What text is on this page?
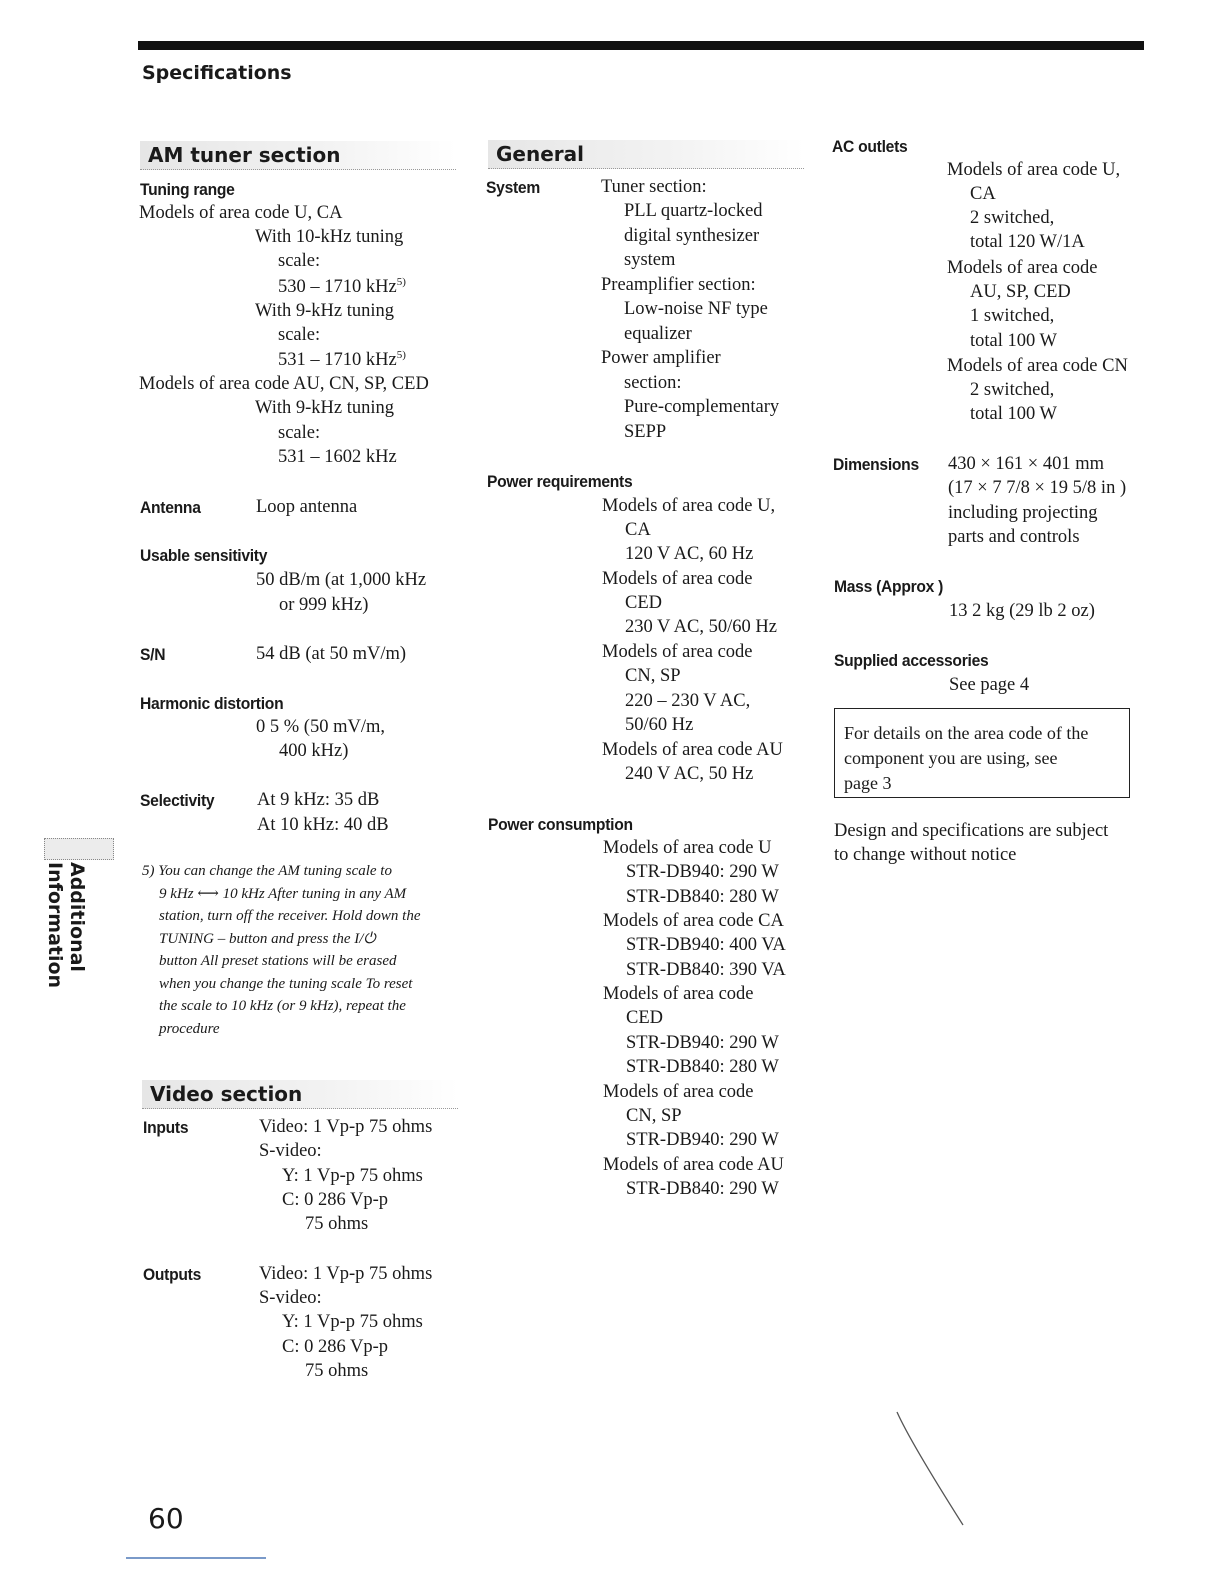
Specifications
AM tuner section
Tuning range
Models of area code U, CA
With 10-kHz tuning
scale:
530 – 1710 kHz$^{5)}$
With 9-kHz tuning
scale:
531 – 1710 kHz$^{5)}$
Models of area code AU, CN, SP, CED
With 9-kHz tuning
scale:
531 – 1602 kHz
Antenna	Loop antenna
Usable sensitivity
50 dB/m (at 1,000 kHz
or 999 kHz)
S/N	54 dB (at 50 mV/m)
Harmonic distortion
0 5 % (50 mV/m,
400 kHz)
Selectivity At 9 kHz: 35 dB
At 10 kHz: 40 dB
5) You can change the AM tuning scale to
9 kHz ⟷ 10 kHz After tuning in any AM
station, turn off the receiver. Hold down the
TUNING – button and press the I/⏻
button All preset stations will be erased
when you change the tuning scale To reset
the scale to 10 kHz (or 9 kHz), repeat the
procedure
Video section
Inputs	Video: 1 Vp-p 75 ohms
S-video:
Y: 1 Vp-p 75 ohms
C: 0 286 Vp-p
75 ohms
Outputs	Video: 1 Vp-p 75 ohms
S-video:
Y: 1 Vp-p 75 ohms
C: 0 286 Vp-p
75 ohms
General
System	Tuner section:
PLL quartz-locked
digital synthesizer
system
Preamplifier section:
Low-noise NF type
equalizer
Power amplifier
section:
Pure-complementary
SEPP
Power requirements
Models of area code U,
CA
120 V AC, 60 Hz
Models of area code
CED
230 V AC, 50/60 Hz
Models of area code
CN, SP
220 – 230 V AC,
50/60 Hz
Models of area code AU
240 V AC, 50 Hz
Power consumption
Models of area code U
STR-DB940: 290 W
STR-DB840: 280 W
Models of area code CA
STR-DB940: 400 VA
STR-DB840: 390 VA
Models of area code
CED
STR-DB940: 290 W
STR-DB840: 280 W
Models of area code
CN, SP
STR-DB940: 290 W
Models of area code AU
STR-DB840: 290 W
AC outlets
Models of area code U,
CA
2 switched,
total 120 W/1A
Models of area code
AU, SP, CED
1 switched,
total 100 W
Models of area code CN
2 switched,
total 100 W
Dimensions 430 × 161 × 401 mm
(17 × 7 7/8 × 19 5/8 in )
including projecting
parts and controls
Mass (Approx )
13 2 kg (29 lb 2 oz)
Supplied accessories
See page 4
For details on the area code of the
component you are using, see
page 3
Design and specifications are subject
to change without notice
Additional Information
60
